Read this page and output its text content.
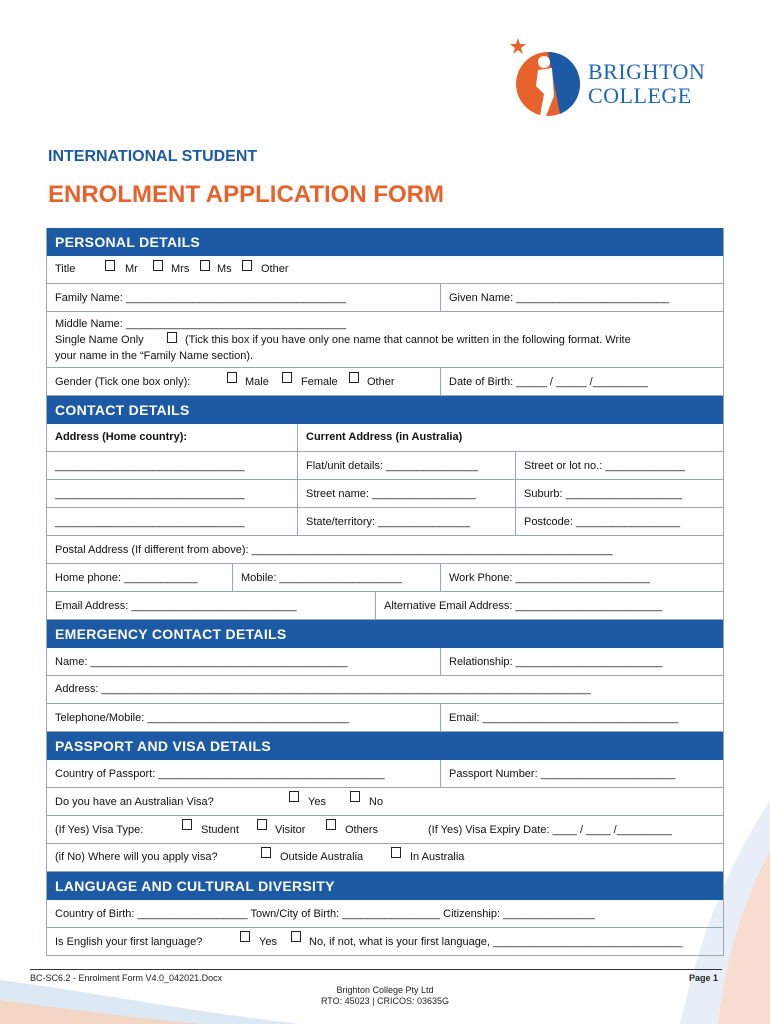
BRIGHTON
COLLEGE
INTERNATIONAL STUDENT
ENROLMENT APPLICATION FORM
PERSONAL DETAILS
Title	Mr	Mrs	Ms	Other
Family Name: ____________________________________	Given Name: _________________________
Middle Name: ____________________________________
Single Name Only	(Tick this box if you have only one name that cannot be written in the following format. Write
your name in the “Family Name section).
Gender (Tick one box only):	Male	Female	Other	Date of Birth: _____ / _____ /_________
CONTACT DETAILS
Address (Home country):	Current Address (in Australia)
_______________________________	Flat/unit details: _______________	Street or lot no.: _____________
_______________________________	Street name: _________________	Suburb: ___________________
_______________________________	State/territory: _______________	Postcode: _________________
Postal Address (If different from above): ___________________________________________________________
Home phone: ____________	Mobile: ____________________	Work Phone: ______________________
Email Address: ___________________________	Alternative Email Address: ________________________
EMERGENCY CONTACT DETAILS
Name: __________________________________________	Relationship: ________________________
Address: ________________________________________________________________________________
Telephone/Mobile: _________________________________	Email: ________________________________
PASSPORT AND VISA DETAILS
Country of Passport: _____________________________________	Passport Number: ______________________
Do you have an Australian Visa?	Yes	No
(If Yes) Visa Type:	Student	Visitor	Others	(If Yes) Visa Expiry Date: ____ / ____ /_________
(if No) Where will you apply visa?	Outside Australia	In Australia
LANGUAGE AND CULTURAL DIVERSITY
Country of Birth: __________________ Town/City of Birth: ________________ Citizenship: _______________
Is English your first language?	Yes	No, if not, what is your first language, _______________________________
BC-SC6.2 - Enrolment Form V4.0_042021.Docx	Page 1
Brighton College Pty Ltd
RTO: 45023 | CRICOS: 03635G
